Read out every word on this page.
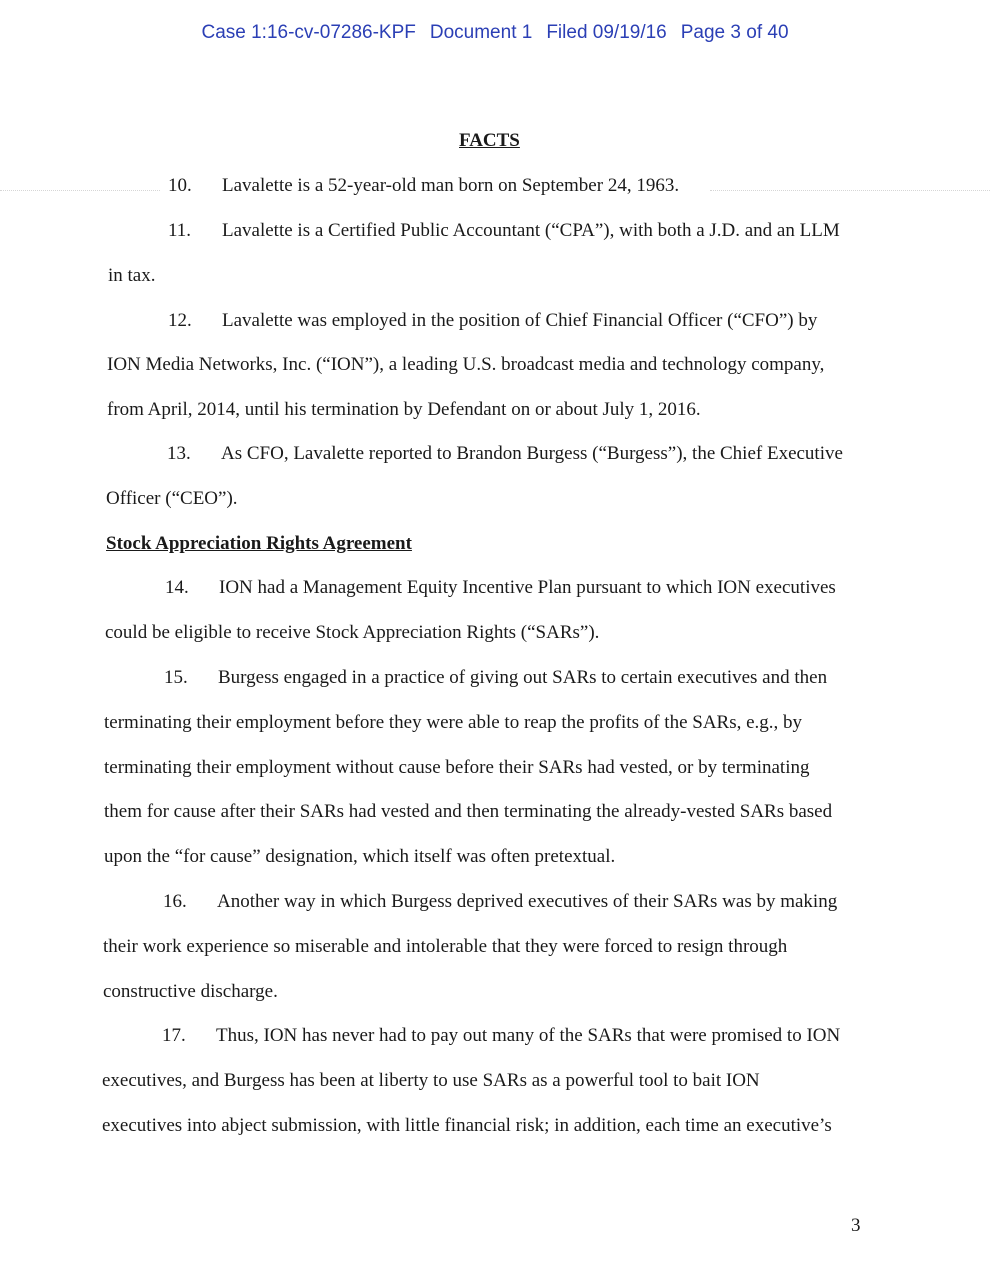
Case 1:16-cv-07286-KPF Document 1 Filed 09/19/16 Page 3 of 40
FACTS
10. Lavalette is a 52-year-old man born on September 24, 1963.
11. Lavalette is a Certified Public Accountant (“CPA”), with both a J.D. and an LLM
in tax.
12. Lavalette was employed in the position of Chief Financial Officer (“CFO”) by
ION Media Networks, Inc. (“ION”), a leading U.S. broadcast media and technology company,
from April, 2014, until his termination by Defendant on or about July 1, 2016.
13. As CFO, Lavalette reported to Brandon Burgess (“Burgess”), the Chief Executive
Officer (“CEO”).
Stock Appreciation Rights Agreement
14. ION had a Management Equity Incentive Plan pursuant to which ION executives
could be eligible to receive Stock Appreciation Rights (“SARs”).
15. Burgess engaged in a practice of giving out SARs to certain executives and then
terminating their employment before they were able to reap the profits of the SARs, e.g., by
terminating their employment without cause before their SARs had vested, or by terminating
them for cause after their SARs had vested and then terminating the already-vested SARs based
upon the “for cause” designation, which itself was often pretextual.
16. Another way in which Burgess deprived executives of their SARs was by making
their work experience so miserable and intolerable that they were forced to resign through
constructive discharge.
17. Thus, ION has never had to pay out many of the SARs that were promised to ION
executives, and Burgess has been at liberty to use SARs as a powerful tool to bait ION
executives into abject submission, with little financial risk; in addition, each time an executive’s
3
